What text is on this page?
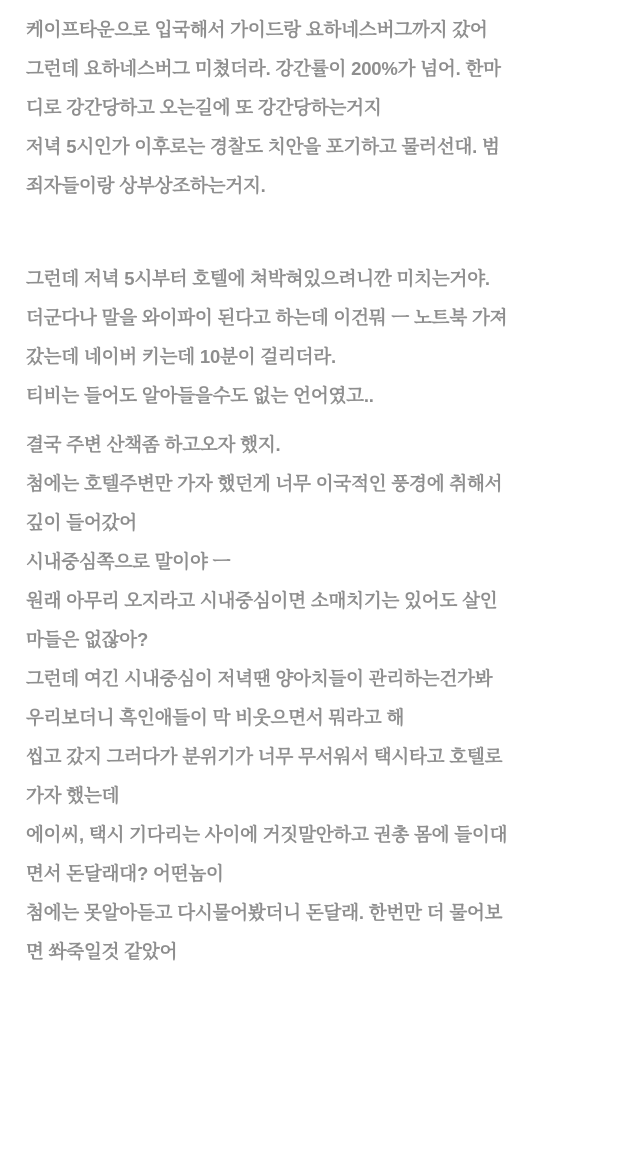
케이프타운으로 입국해서 가이드랑 요하네스버그까지 갔어
그런데 요하네스버그 미쳤더라. 강간률이 200%가 넘어. 한마
디로 강간당하고 오는길에 또 강간당하는거지
저녁 5시인가 이후로는 경찰도 치안을 포기하고 물러선대. 범
죄자들이랑 상부상조하는거지.
그런데 저녁 5시부터 호텔에 쳐박혀있으려니깐 미치는거야.
더군다나 말을 와이파이 된다고 하는데 이건뭐 ㅡ 노트북 가져
갔는데 네이버 키는데 10분이 걸리더라.
티비는 들어도 알아들을수도 없는 언어였고..
결국 주변 산책좀 하고오자 했지.
첨에는 호텔주변만 가자 했던게 너무 이국적인 풍경에 취해서
깊이 들어갔어
시내중심쪽으로 말이야 ㅡ
원래 아무리 오지라고 시내중심이면 소매치기는 있어도 살인
마들은 없잖아?
그런데 여긴 시내중심이 저녁땐 양아치들이 관리하는건가봐
우리보더니 흑인애들이 막 비웃으면서 뭐라고 해
씹고 갔지 그러다가 분위기가 너무 무서워서 택시타고 호텔로
가자 했는데
에이씨, 택시 기다리는 사이에 거짓말안하고 권총 몸에 들이대
면서 돈달래대? 어떤놈이
첨에는 못알아듣고 다시물어봤더니 돈달래. 한번만 더 물어보
면 쏴죽일것 같았어
